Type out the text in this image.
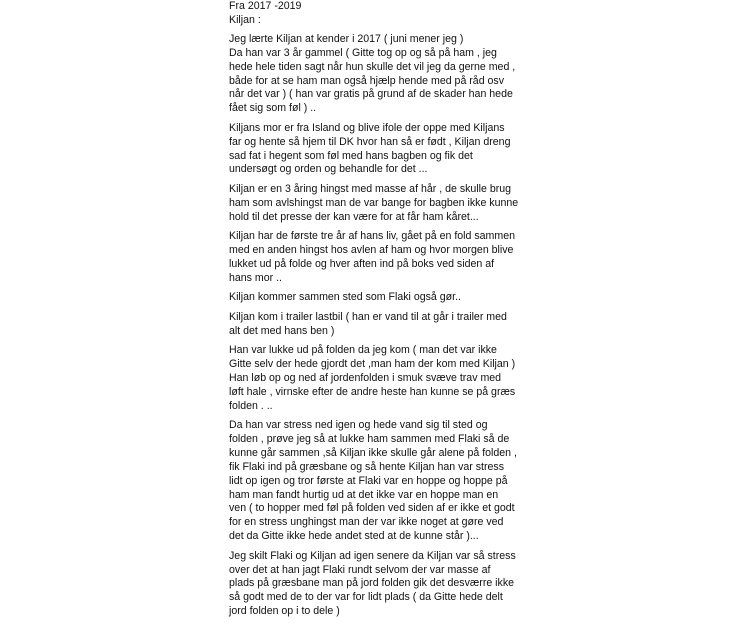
Fra 2017 -2019
Kiljan :

Jeg lærte Kiljan at kender i 2017 ( juni mener jeg )
Da han var 3 år gammel ( Gitte tog op og så på ham , jeg
hede hele tiden sagt når hun skulle det vil jeg da gerne med ,
både for at se ham man også hjælp hende med på råd osv
når det var ) ( han var gratis på grund af de skader han hede
fået sig som føl ) ..

Kiljans mor er fra Island og blive ifole der oppe med Kiljans
far og hente så hjem til DK hvor han så er født , Kiljan dreng
sad fat i hegent som føl med hans bagben og fik det
undersøgt og orden og behandle for det ...

Kiljan er en 3 åring hingst med masse af hår , de skulle brug
ham som avlshingst man de var bange for bagben ikke kunne
hold til det presse der kan være for at får ham kåret...

Kiljan har de første tre år af hans liv, gået på en fold sammen
med en anden hingst hos avlen af ham og hvor morgen blive
lukket ud på folde og hver aften ind på boks ved siden af
hans mor ..

Kiljan kommer sammen sted som Flaki også gør..

Kiljan kom i trailer lastbil ( han er vand til at går i trailer med
alt det med hans ben )

Han var lukke ud på folden da jeg kom ( man det var ikke
Gitte selv der hede gjordt det ,man ham der kom med Kiljan )
Han løb op og ned af jordenfolden i smuk svæve trav med
løft hale , virnske efter de andre heste han kunne se på græs
folden . ..

Da han var stress ned igen og hede vand sig til sted og
folden , prøve jeg så at lukke ham sammen med Flaki så de
kunne går sammen ,så Kiljan ikke skulle går alene på folden ,
fik Flaki ind på græsbane og så hente Kiljan han var stress
lidt op igen og tror første at Flaki var en hoppe og hoppe på
ham man fandt hurtig ud at det ikke var en hoppe man en
ven ( to hopper med føl på folden ved siden af er ikke et godt
for en stress unghingst man der var ikke noget at gøre ved
det da Gitte ikke hede andet sted at de kunne står )...

Jeg skilt Flaki og Kiljan ad igen senere da Kiljan var så stress
over det at han jagt Flaki rundt selvom der var masse af
plads på græsbane man på jord folden gik det desværre ikke
så godt med de to der var for lidt plads ( da Gitte hede delt
jord folden op i to dele )
